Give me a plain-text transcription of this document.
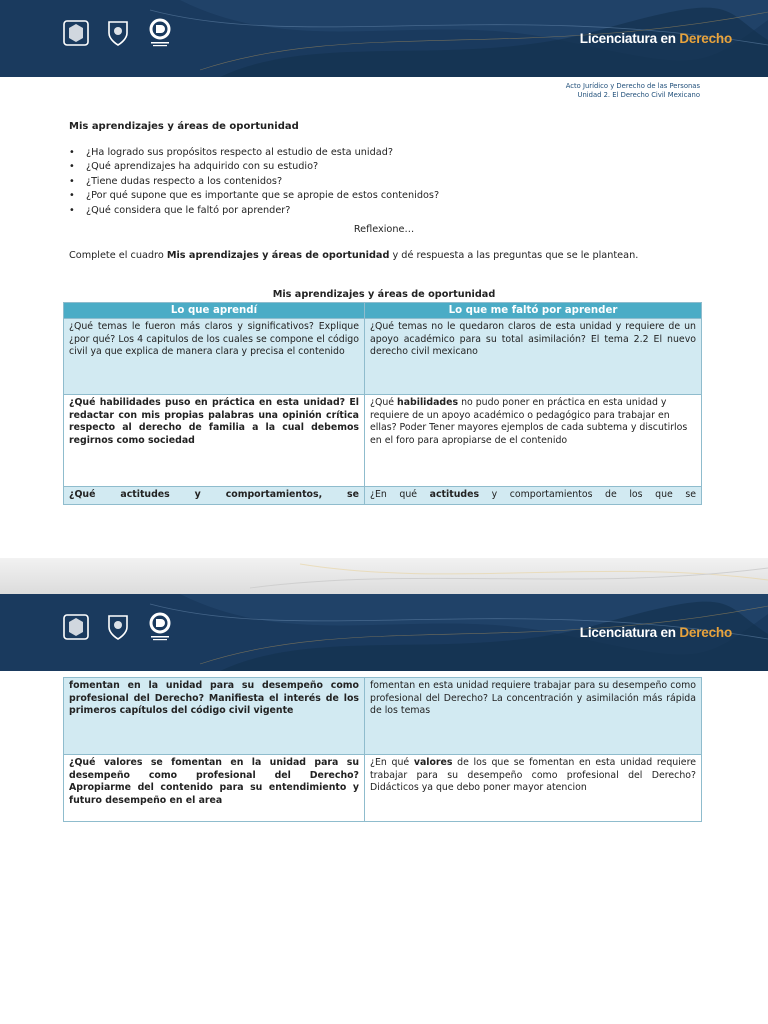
Licenciatura en Derecho
Acto Jurídico y Derecho de las Personas
Unidad 2. El Derecho Civil Mexicano
Mis aprendizajes y áreas de oportunidad
• ¿Ha logrado sus propósitos respecto al estudio de esta unidad?
• ¿Qué aprendizajes ha adquirido con su estudio?
• ¿Tiene dudas respecto a los contenidos?
• ¿Por qué supone que es importante que se apropie de estos contenidos?
• ¿Qué considera que le faltó por aprender?
Reflexione…
Complete el cuadro Mis aprendizajes y áreas de oportunidad y dé respuesta a las preguntas que se le plantean.
Mis aprendizajes y áreas de oportunidad
Lo que aprendí	Lo que me faltó por aprender
¿Qué temas le fueron más claros y significativos? Explique ¿por qué? Los 4 capitulos de los cuales se compone el código civil ya que explica de manera clara y precisa el contenido	¿Qué temas no le quedaron claros de esta unidad y requiere de un apoyo académico para su total asimilación? El tema 2.2 El nuevo derecho civil mexicano
¿Qué habilidades puso en práctica en esta unidad? El redactar con mis propias palabras una opinión crítica respecto al derecho de familia a la cual debemos regirnos como sociedad	¿Qué habilidades no pudo poner en práctica en esta unidad y requiere de un apoyo académico o pedagógico para trabajar en ellas? Poder Tener mayores ejemplos de cada subtema y discutirlos en el foro para apropiarse de el contenido
¿Qué actitudes y comportamientos, se	¿En qué actitudes y comportamientos de los que se
Licenciatura en Derecho
fomentan en la unidad para su desempeño como profesional del Derecho? Manifiesta el interés de los primeros capítulos del código civil vigente	fomentan en esta unidad requiere trabajar para su desempeño como profesional del Derecho? La concentración y asimilación más rápida de los temas
¿Qué valores se fomentan en la unidad para su desempeño como profesional del Derecho? Apropiarme del contenido para su entendimiento y futuro desempeño en el area	¿En qué valores de los que se fomentan en esta unidad requiere trabajar para su desempeño como profesional del Derecho? Didácticos ya que debo poner mayor atencion
